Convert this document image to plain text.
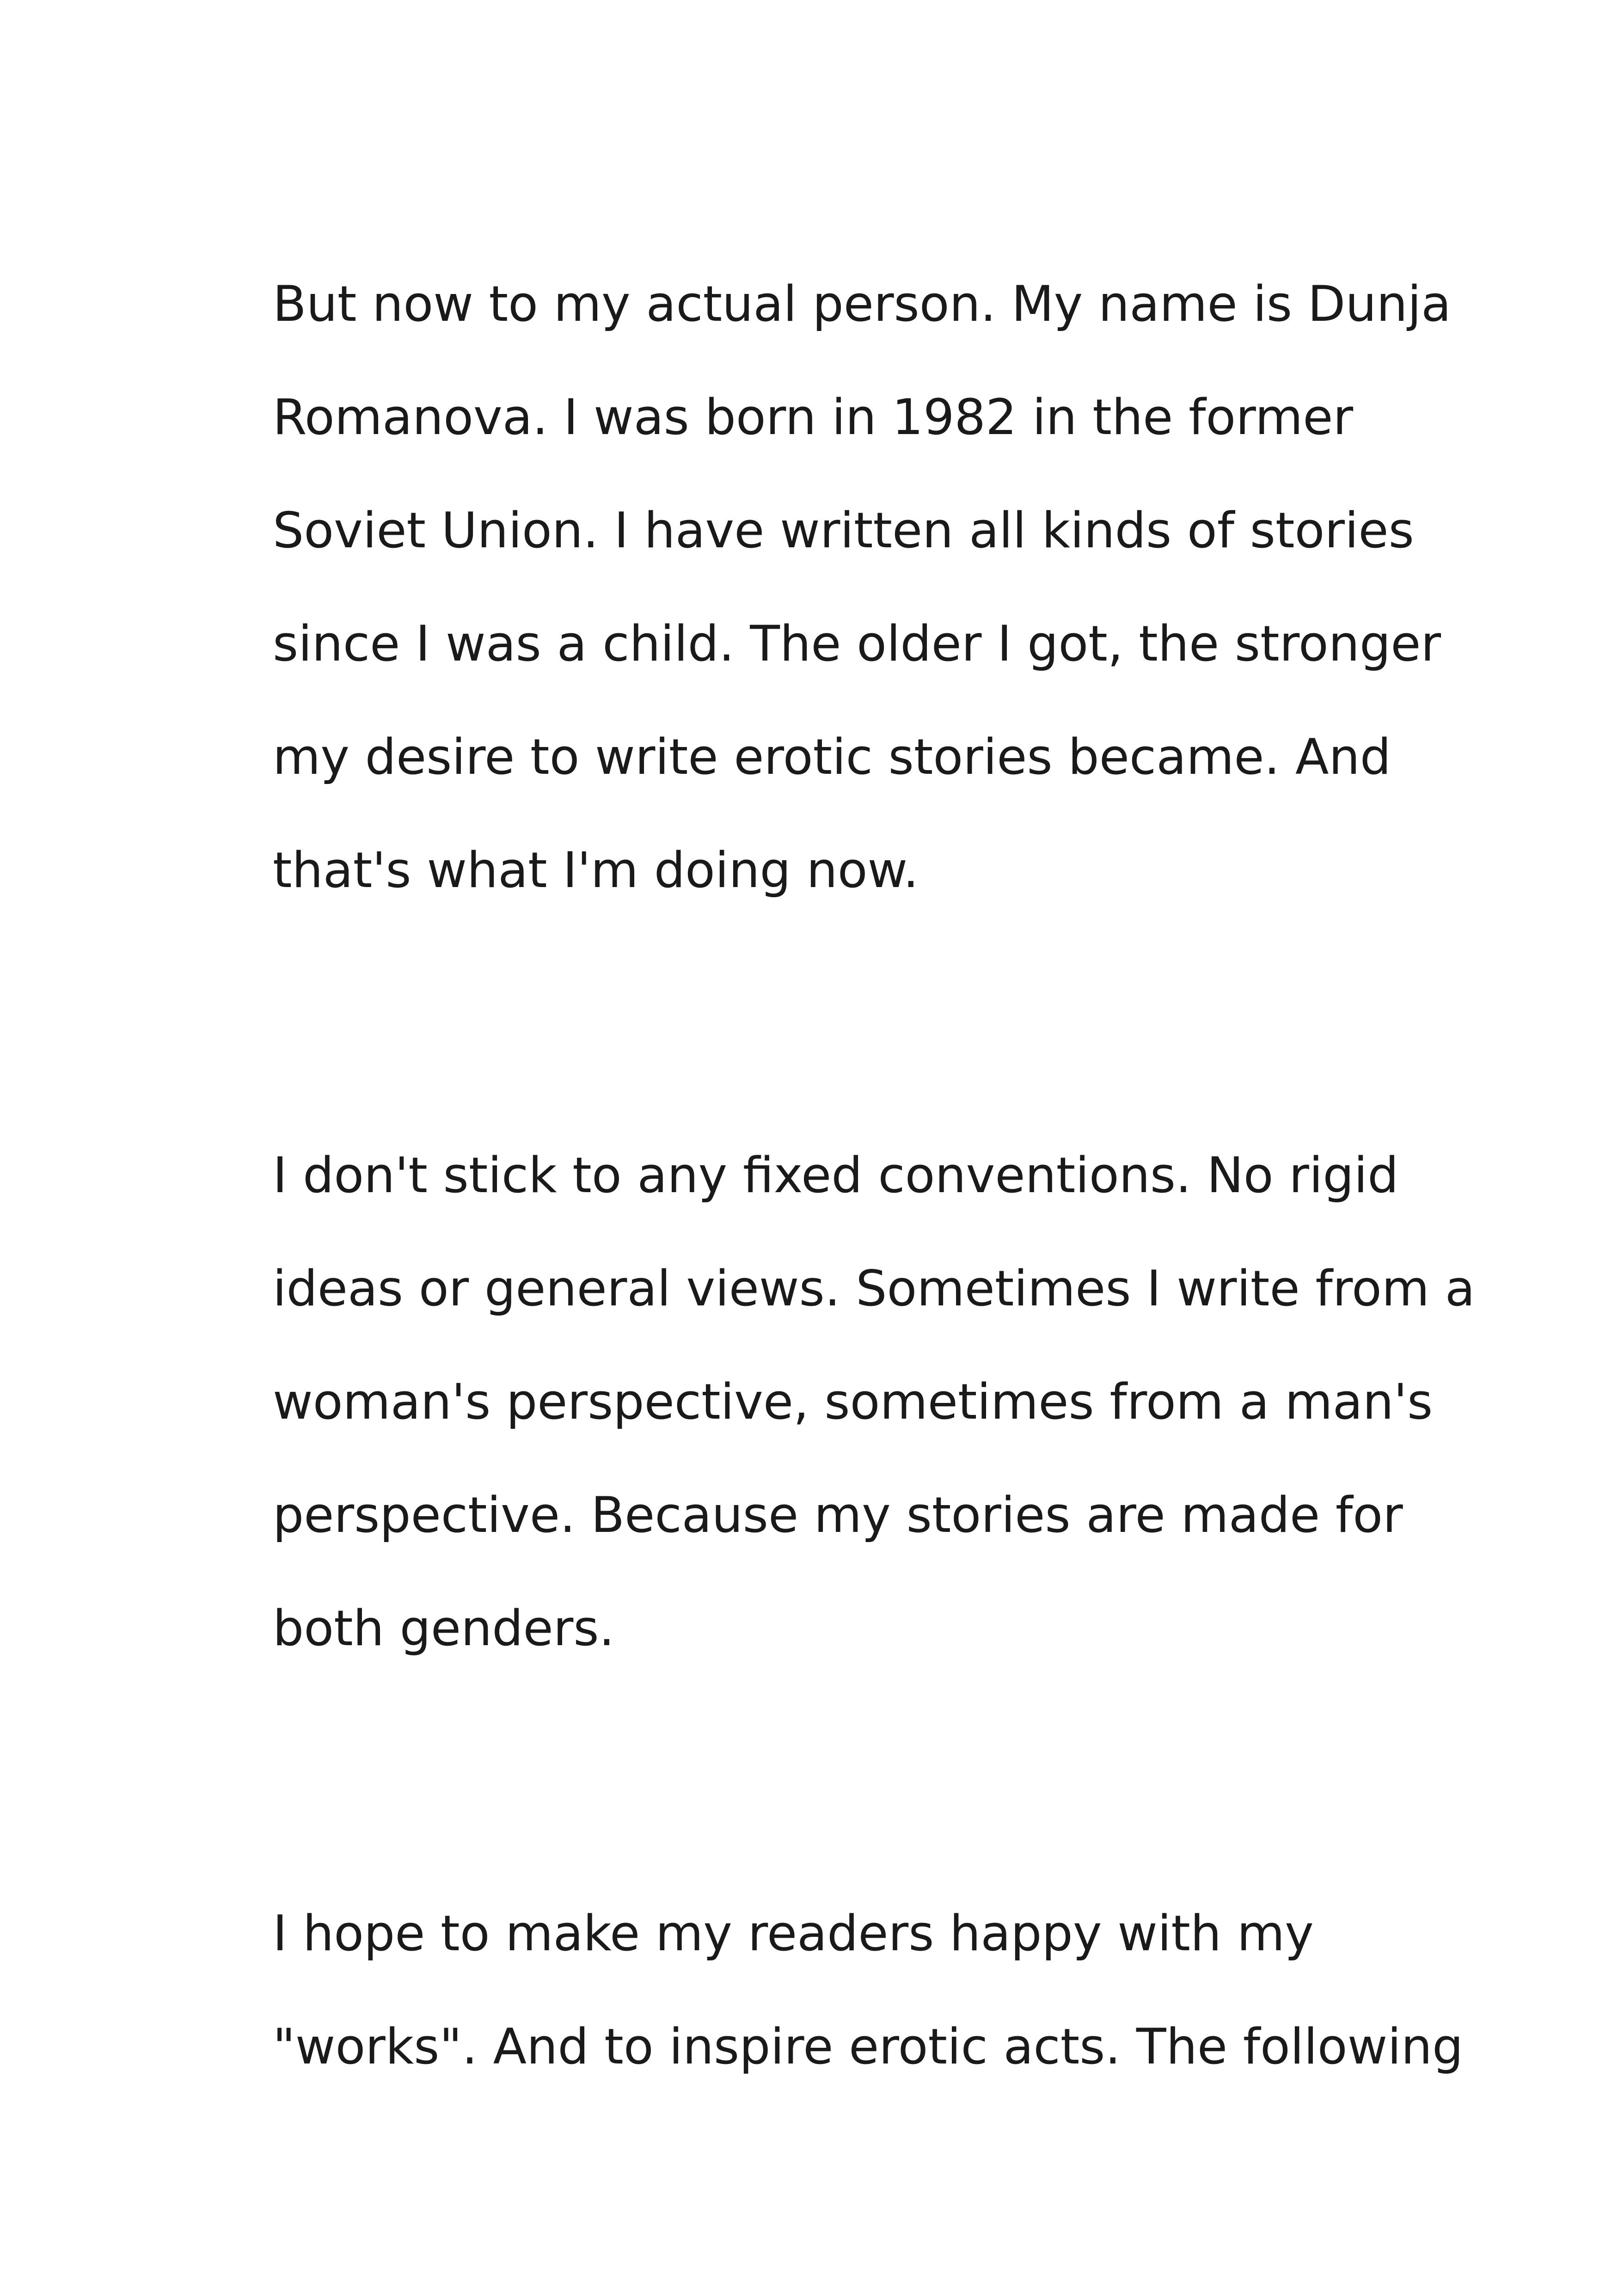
But now to my actual person. My name is Dunja
Romanova. I was born in 1982 in the former
Soviet Union. I have written all kinds of stories
since I was a child. The older I got, the stronger
my desire to write erotic stories became. And
that's what I'm doing now.
I don't stick to any fixed conventions. No rigid
ideas or general views. Sometimes I write from a
woman's perspective, sometimes from a man's
perspective. Because my stories are made for
both genders.
I hope to make my readers happy with my
"works". And to inspire erotic acts. The following
